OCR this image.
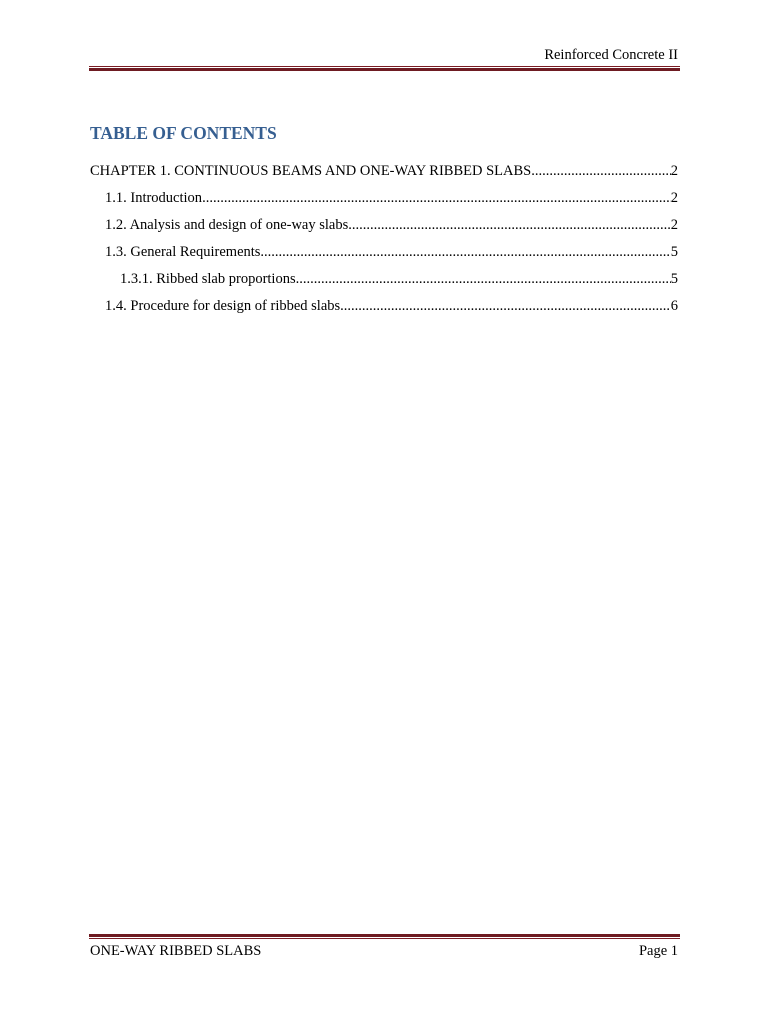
Reinforced Concrete II
TABLE OF CONTENTS
CHAPTER 1. CONTINUOUS BEAMS AND ONE-WAY RIBBED SLABS .....	2
1.1. Introduction .....	2
1.2. Analysis and design of one-way slabs .....	2
1.3. General Requirements .....	5
1.3.1. Ribbed slab proportions .....	5
1.4. Procedure for design of ribbed slabs .....	6
ONE-WAY RIBBED SLABS	Page 1
